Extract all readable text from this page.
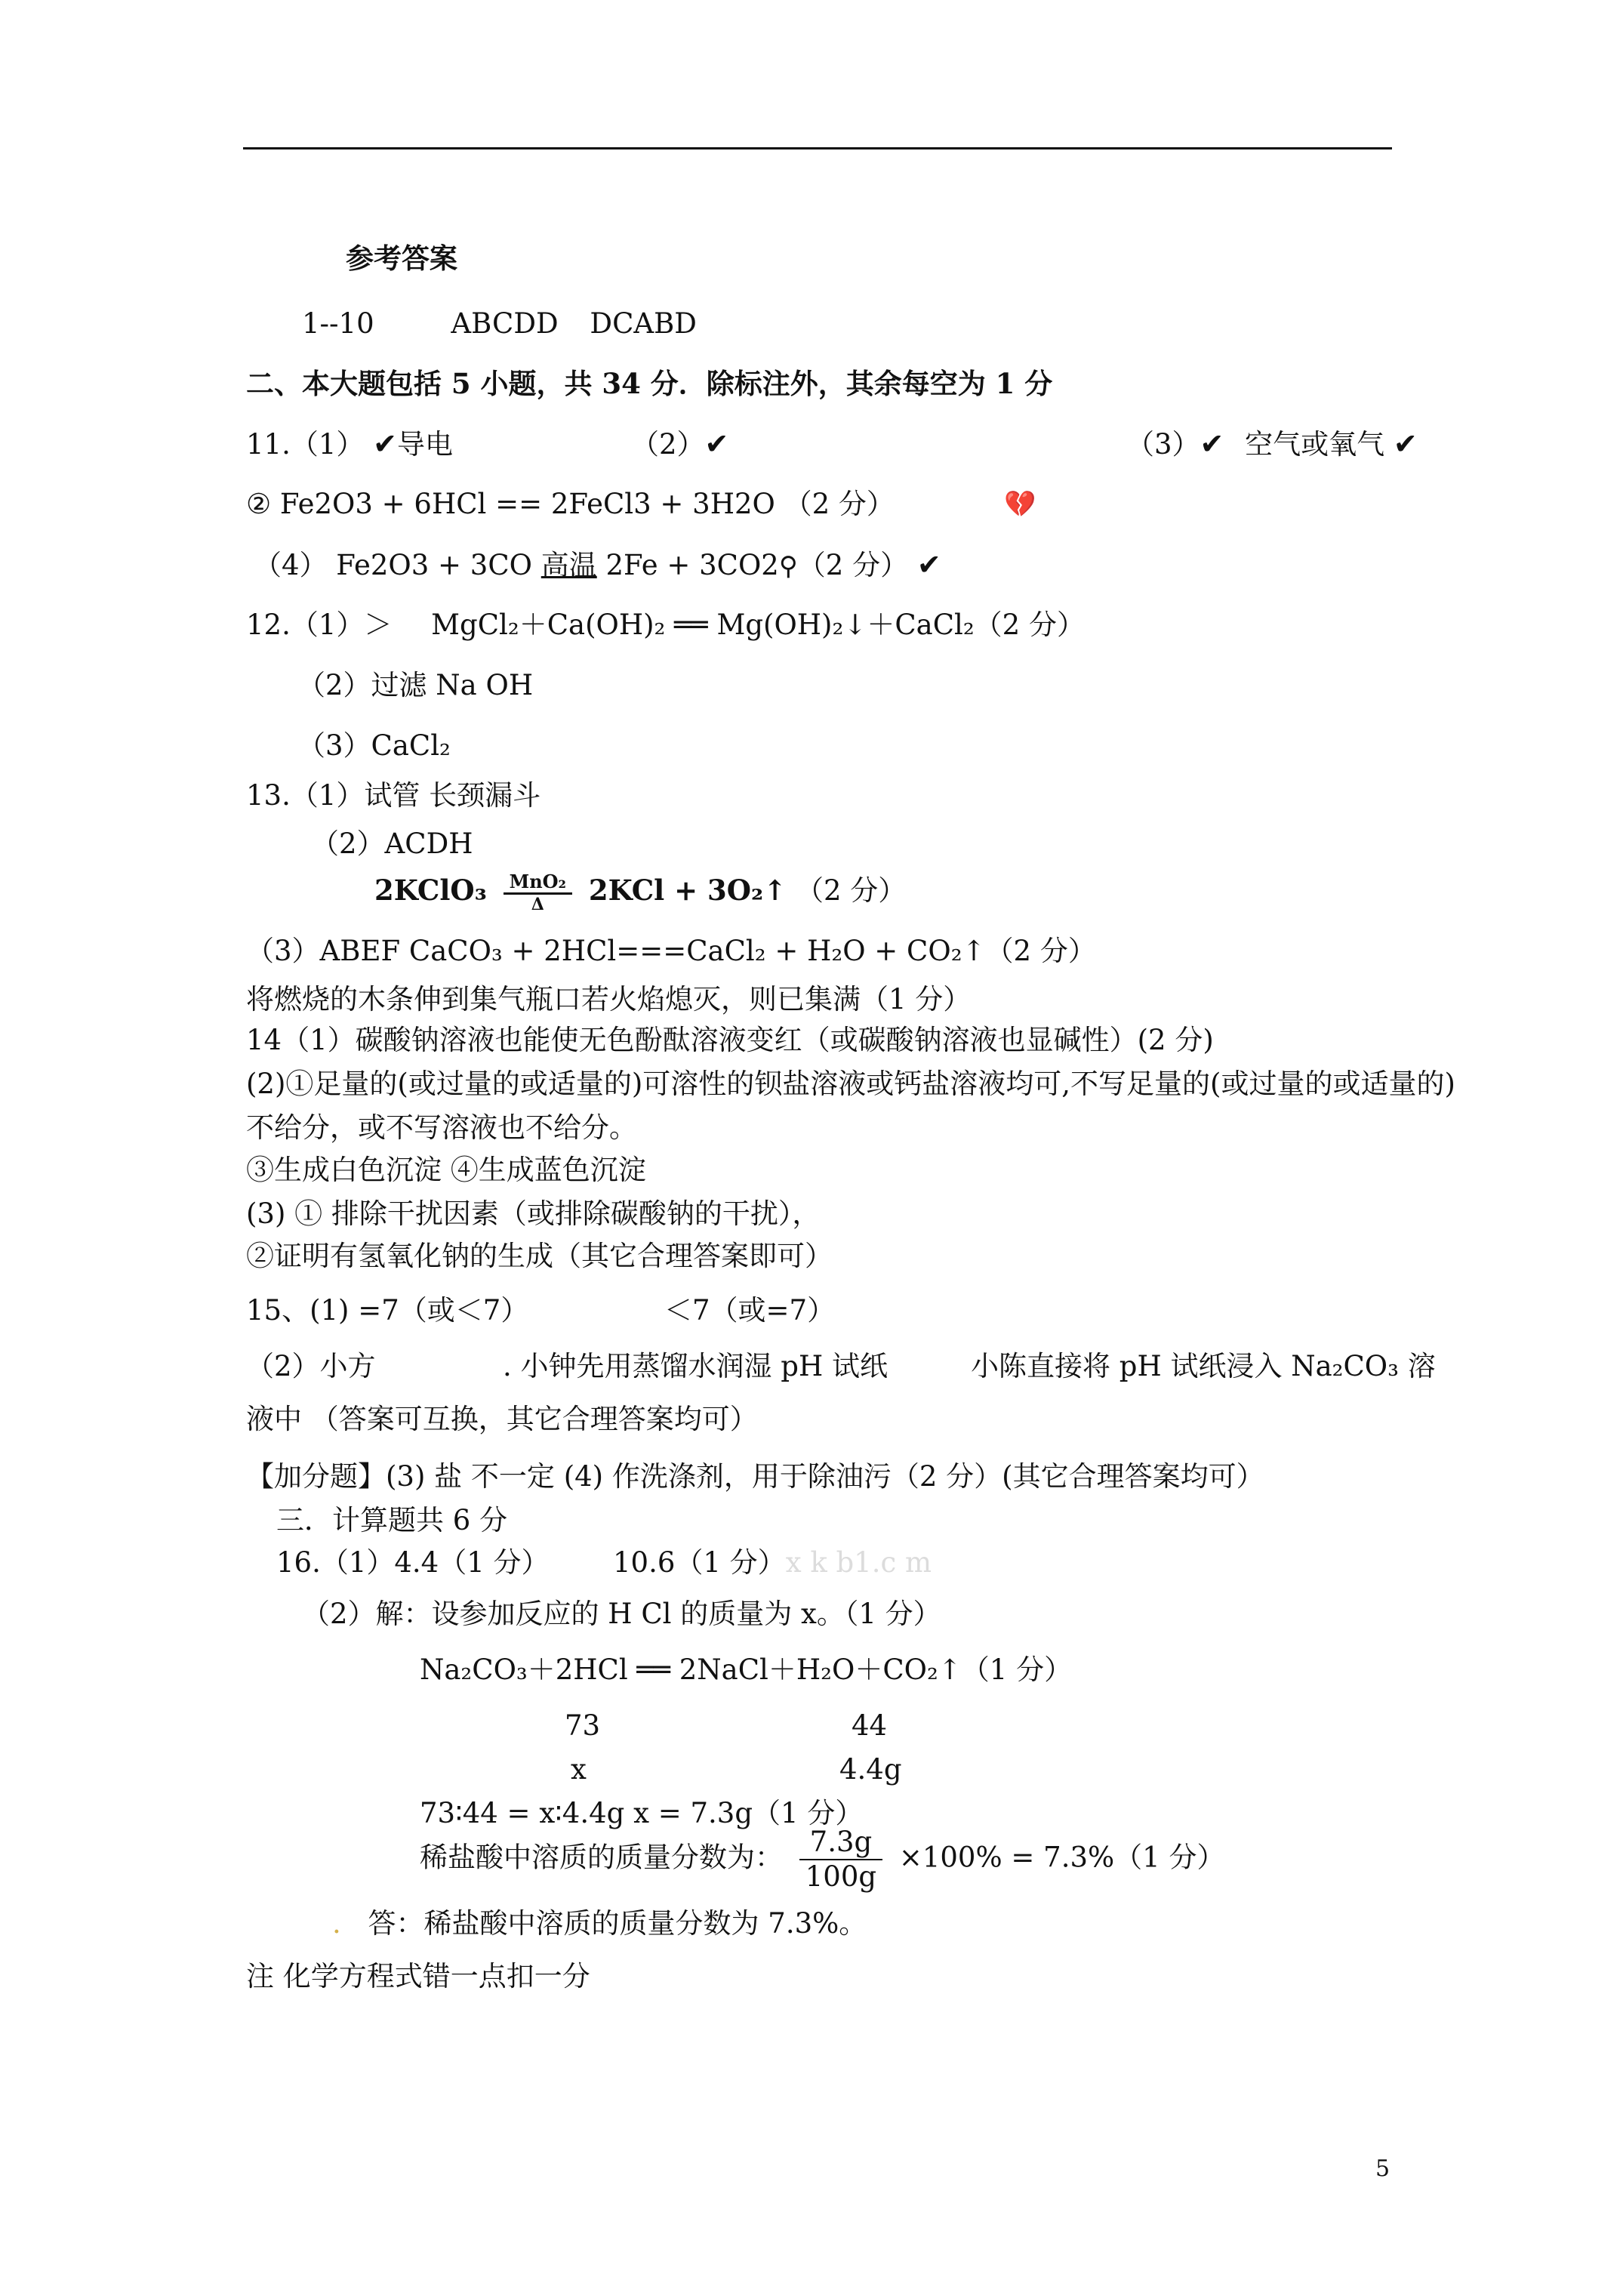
参考答案
1--10	ABCDD DCABD
二、本大题包括 5 小题，共 34 分．除标注外，其余每空为 1 分
11.（1） ✔导电	（2）✔	（3）✔ 空气或氧气 ✔
② Fe2O3 + 6HCl == 2FeCl3 + 3H2O （2 分）	💔
（4） Fe2O3 + 3CO 高温 2Fe + 3CO2⚲（2 分） ✔
12.（1）＞ MgCl₂＋Ca(OH)₂ ══ Mg(OH)₂↓＋CaCl₂（2 分）
（2）过滤 Na OH
（3）CaCl₂
13.（1）试管 长颈漏斗
（2）ACDH
2KClO₃	MnO₂
Δ	2KCl + 3O₂↑ （2 分）
（3）ABEF CaCO₃ + 2HCl===CaCl₂ + H₂O + CO₂↑（2 分）
将燃烧的木条伸到集气瓶口若火焰熄灭，则已集满（1 分）
14（1）碳酸钠溶液也能使无色酚酞溶液变红（或碳酸钠溶液也显碱性）(2 分)
(2)①足量的(或过量的或适量的)可溶性的钡盐溶液或钙盐溶液均可,不写足量的(或过量的或适量的)
不给分，或不写溶液也不给分。
③生成白色沉淀 ④生成蓝色沉淀
(3) ① 排除干扰因素（或排除碳酸钠的干扰），
②证明有氢氧化钠的生成（其它合理答案即可）
15、(1) =7（或＜7）	＜7（或=7）
（2）小方	. 小钟先用蒸馏水润湿 pH 试纸	小陈直接将 pH 试纸浸入 Na₂CO₃ 溶
液中 （答案可互换，其它合理答案均可）
【加分题】(3) 盐 不一定 (4) 作洗涤剂，用于除油污（2 分）(其它合理答案均可）
三．计算题共 6 分
16.（1）4.4（1 分） 10.6（1 分）x k b1.c m
（2）解：设参加反应的 H Cl 的质量为 x。（1 分）
Na₂CO₃＋2HCl ══ 2NaCl＋H₂O＋CO₂↑（1 分）
73	44
x	4.4g
73∶44 = x∶4.4g x = 7.3g（1 分）
稀盐酸中溶质的质量分数为： $\frac{7.3g}{100g} \times 100\% = 7.3\%(1$ 分）
. 答：稀盐酸中溶质的质量分数为 7.3%。
注 化学方程式错一点扣一分
5
